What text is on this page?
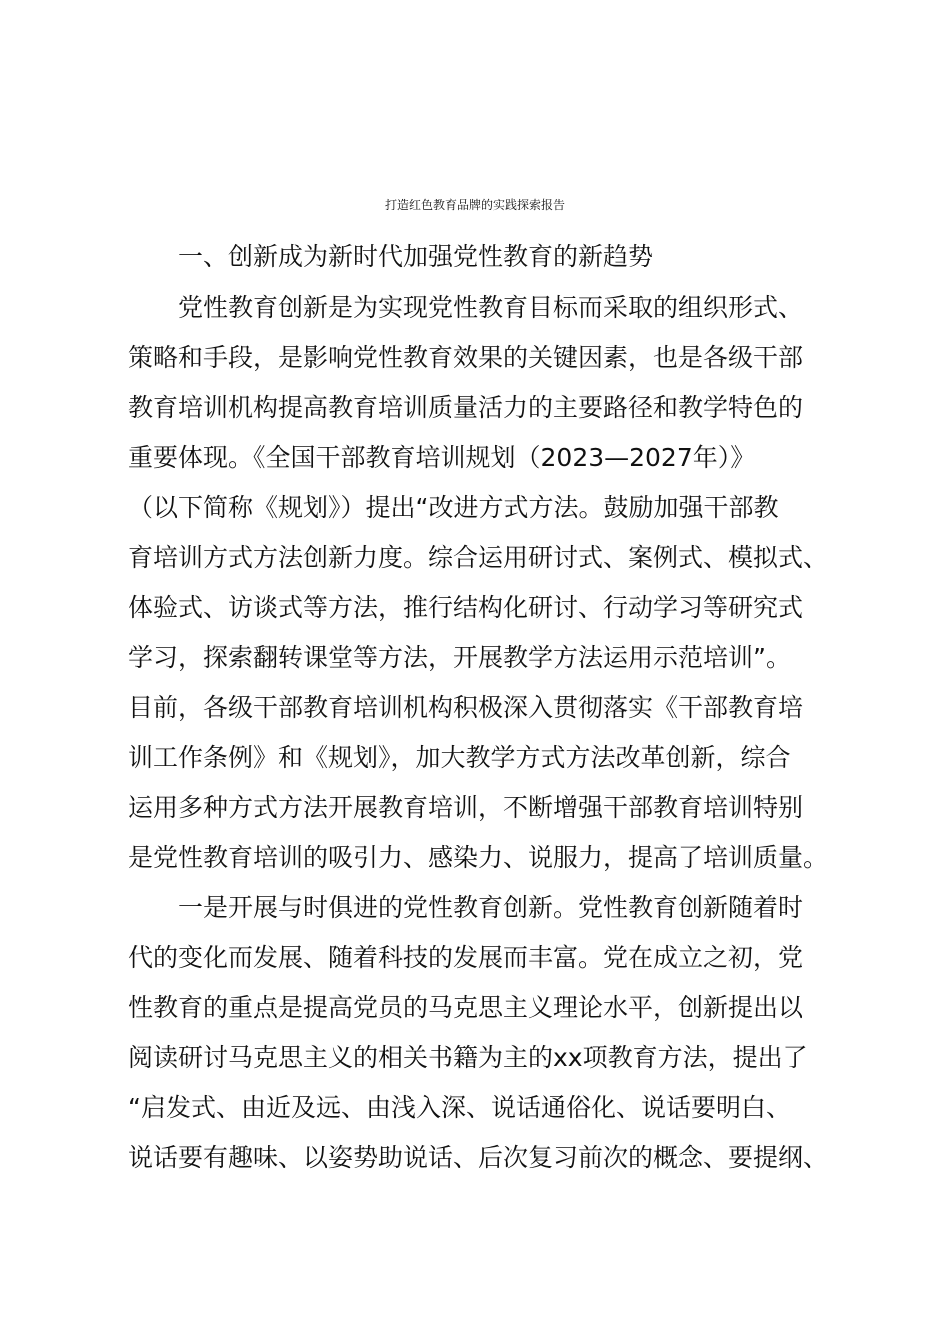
打造红色教育品牌的实践探索报告
一、创新成为新时代加强党性教育的新趋势
党性教育创新是为实现党性教育目标而采取的组织形式、
策略和手段，是影响党性教育效果的关键因素，也是各级干部
教育培训机构提高教育培训质量活力的主要路径和教学特色的
重要体现。《全国干部教育培训规划（2023—2027年）》
（以下简称《规划》）提出“改进方式方法。鼓励加强干部教
育培训方式方法创新力度。综合运用研讨式、案例式、模拟式、
体验式、访谈式等方法，推行结构化研讨、行动学习等研究式
学习，探索翻转课堂等方法，开展教学方法运用示范培训”。
目前，各级干部教育培训机构积极深入贯彻落实《干部教育培
训工作条例》和《规划》，加大教学方式方法改革创新，综合
运用多种方式方法开展教育培训，不断增强干部教育培训特别
是党性教育培训的吸引力、感染力、说服力，提高了培训质量。
一是开展与时俱进的党性教育创新。党性教育创新随着时
代的变化而发展、随着科技的发展而丰富。党在成立之初，党
性教育的重点是提高党员的马克思主义理论水平，创新提出以
阅读研讨马克思主义的相关书籍为主的xx项教育方法，提出了
“启发式、由近及远、由浅入深、说话通俗化、说话要明白、
说话要有趣味、以姿势助说话、后次复习前次的概念、要提纲、
